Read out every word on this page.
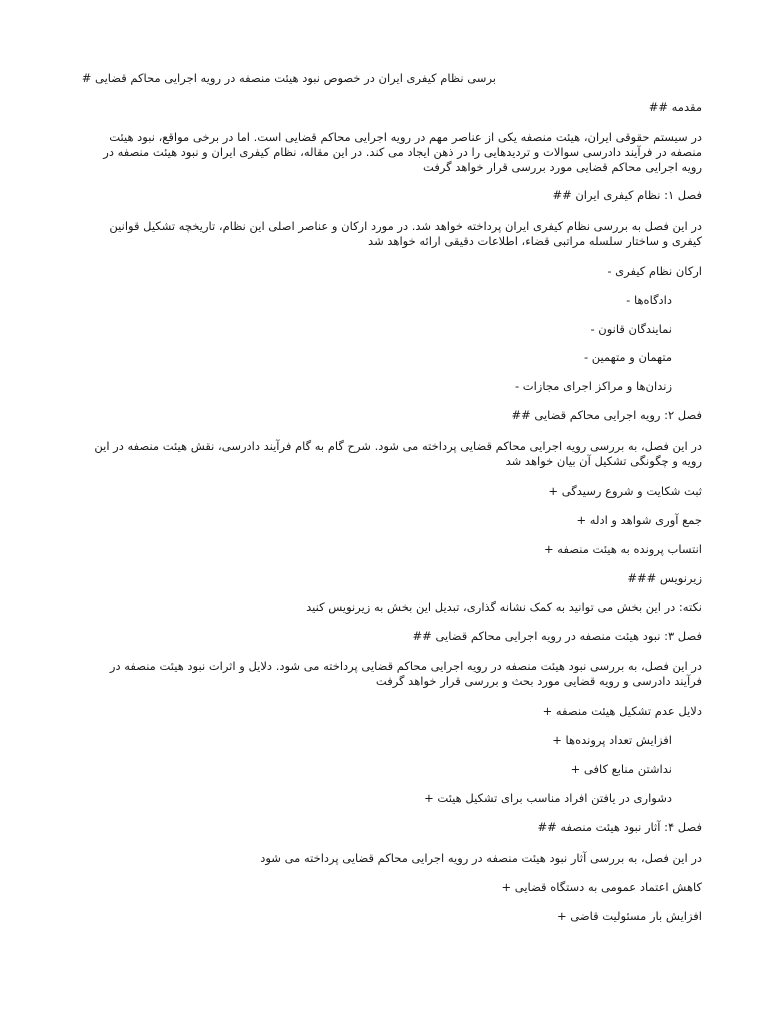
برسی نظام کیفری ایران در خصوص نبود هیئت منصفه در رویه اجرایی محاکم قضایی #
مقدمه ##
در سیستم حقوقی ایران، هیئت منصفه یکی از عناصر مهم در رویه اجرایی محاکم قضایی است. اما در برخی مواقع، نبود هیئت
منصفه در فرآیند دادرسی سوالات و تردیدهایی را در ذهن ایجاد می کند. در این مقاله، نظام کیفری ایران و نبود هیئت منصفه در
رویه اجرایی محاکم قضایی مورد بررسی قرار خواهد گرفت
فصل ۱: نظام کیفری ایران ##
در این فصل به بررسی نظام کیفری ایران پرداخته خواهد شد. در مورد ارکان و عناصر اصلی این نظام، تاریخچه تشکیل قوانین
کیفری و ساختار سلسله مراتبی قضاء، اطلاعات دقیقی ارائه خواهد شد
ارکان نظام کیفری -
دادگاه‌ها -
نمایندگان قانون -
متهمان و متهمین -
زندان‌ها و مراکز اجرای مجازات -
فصل ۲: رویه اجرایی محاکم قضایی ##
در این فصل، به بررسی رویه اجرایی محاکم قضایی پرداخته می شود. شرح گام به گام فرآیند دادرسی، نقش هیئت منصفه در این
رویه و چگونگی تشکیل آن بیان خواهد شد
ثبت شکایت و شروع رسیدگی +
جمع آوری شواهد و ادله +
انتساب پرونده به هیئت منصفه +
زیرنویس ###
نکته: در این بخش می توانید به کمک نشانه گذاری، تبدیل این بخش به زیرنویس کنید
فصل ۳: نبود هیئت منصفه در رویه اجرایی محاکم قضایی ##
در این فصل، به بررسی نبود هیئت منصفه در رویه اجرایی محاکم قضایی پرداخته می شود. دلایل و اثرات نبود هیئت منصفه در
فرآیند دادرسی و رویه قضایی مورد بحث و بررسی قرار خواهد گرفت
دلایل عدم تشکیل هیئت منصفه +
افزایش تعداد پرونده‌ها +
نداشتن منابع کافی +
دشواری در یافتن افراد مناسب برای تشکیل هیئت +
فصل ۴: آثار نبود هیئت منصفه ##
در این فصل، به بررسی آثار نبود هیئت منصفه در رویه اجرایی محاکم قضایی پرداخته می شود
کاهش اعتماد عمومی به دستگاه قضایی +
افزایش بار مسئولیت قاضی +
